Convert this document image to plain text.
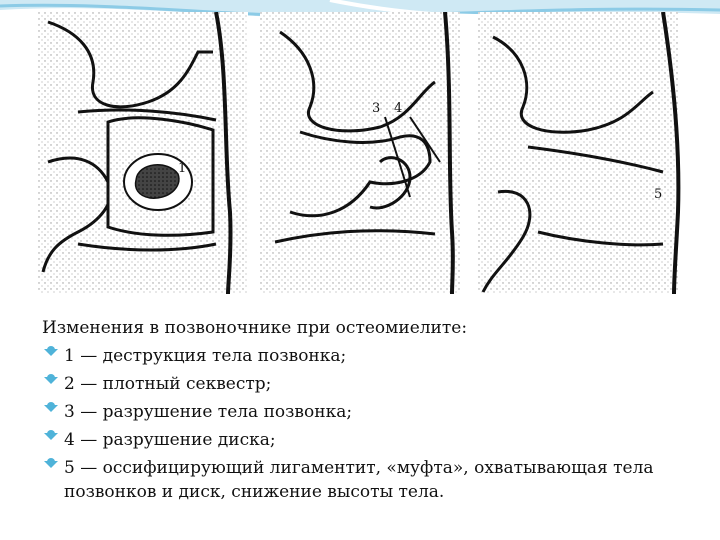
1
3 4
5

Изменения в позвоночнике при остеомиелите:

1 — деструкция тела позвонка;
2 — плотный секвестр;
3 — разрушение тела позвонка;
4 — разрушение диска;
5 — оссифицирующий лигаментит, «муфта», охватывающая тела позвонков и диск, снижение высоты тела.
